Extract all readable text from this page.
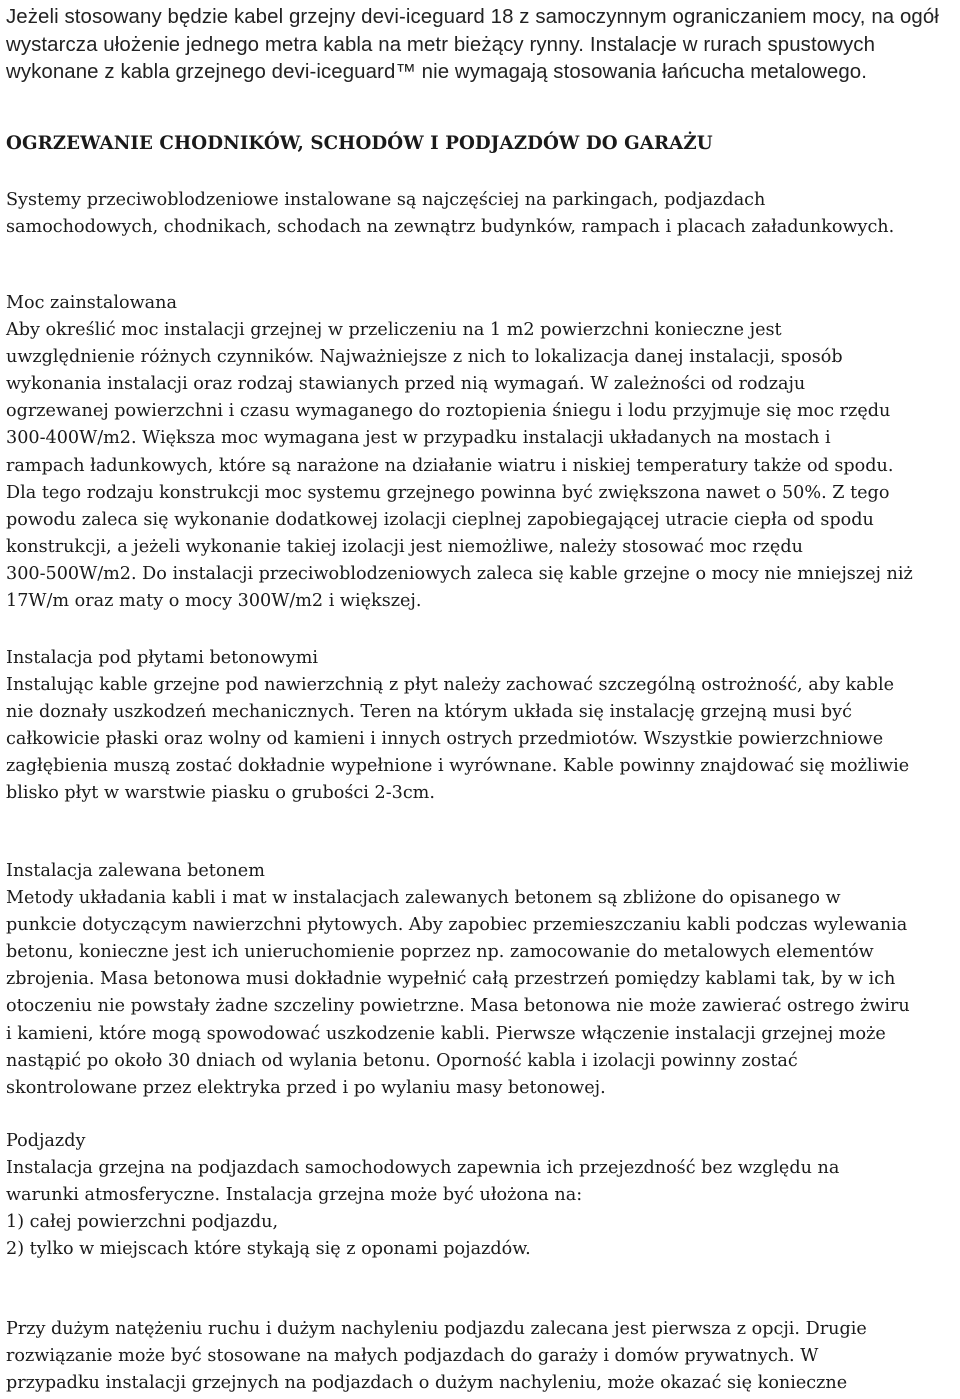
Jeżeli stosowany będzie kabel grzejny devi-iceguard 18 z samoczynnym ograniczaniem mocy, na ogół
wystarcza ułożenie jednego metra kabla na metr bieżący rynny. Instalacje w rurach spustowych
wykonane z kabla grzejnego devi-iceguard™ nie wymagają stosowania łańcucha metalowego.

OGRZEWANIE CHODNIKÓW, SCHODÓW I PODJAZDÓW DO GARAŻU

Systemy przeciwoblodzeniowe instalowane są najczęściej na parkingach, podjazdach
samochodowych, chodnikach, schodach na zewnątrz budynków, rampach i placach załadunkowych.

Moc zainstalowana
Aby określić moc instalacji grzejnej w przeliczeniu na 1 m2 powierzchni konieczne jest
uwzględnienie różnych czynników. Najważniejsze z nich to lokalizacja danej instalacji, sposób
wykonania instalacji oraz rodzaj stawianych przed nią wymagań. W zależności od rodzaju
ogrzewanej powierzchni i czasu wymaganego do roztopienia śniegu i lodu przyjmuje się moc rzędu
300-400W/m2. Większa moc wymagana jest w przypadku instalacji układanych na mostach i
rampach ładunkowych, które są narażone na działanie wiatru i niskiej temperatury także od spodu.
Dla tego rodzaju konstrukcji moc systemu grzejnego powinna być zwiększona nawet o 50%. Z tego
powodu zaleca się wykonanie dodatkowej izolacji cieplnej zapobiegającej utracie ciepła od spodu
konstrukcji, a jeżeli wykonanie takiej izolacji jest niemożliwe, należy stosować moc rzędu
300-500W/m2. Do instalacji przeciwoblodzeniowych zaleca się kable grzejne o mocy nie mniejszej niż
17W/m oraz maty o mocy 300W/m2 i większej.
Instalacja pod płytami betonowymi
Instalując kable grzejne pod nawierzchnią z płyt należy zachować szczególną ostrożność, aby kable
nie doznały uszkodzeń mechanicznych. Teren na którym układa się instalację grzejną musi być
całkowicie płaski oraz wolny od kamieni i innych ostrych przedmiotów. Wszystkie powierzchniowe
zagłębienia muszą zostać dokładnie wypełnione i wyrównane. Kable powinny znajdować się możliwie
blisko płyt w warstwie piasku o grubości 2-3cm.
Instalacja zalewana betonem
Metody układania kabli i mat w instalacjach zalewanych betonem są zbliżone do opisanego w
punkcie dotyczącym nawierzchni płytowych. Aby zapobiec przemieszczaniu kabli podczas wylewania
betonu, konieczne jest ich unieruchomienie poprzez np. zamocowanie do metalowych elementów
zbrojenia. Masa betonowa musi dokładnie wypełnić całą przestrzeń pomiędzy kablami tak, by w ich
otoczeniu nie powstały żadne szczeliny powietrzne. Masa betonowa nie może zawierać ostrego żwiru
i kamieni, które mogą spowodować uszkodzenie kabli. Pierwsze włączenie instalacji grzejnej może
nastąpić po około 30 dniach od wylania betonu. Oporność kabla i izolacji powinny zostać
skontrolowane przez elektryka przed i po wylaniu masy betonowej.
Podjazdy
Instalacja grzejna na podjazdach samochodowych zapewnia ich przejezdność bez względu na
warunki atmosferyczne. Instalacja grzejna może być ułożona na:
1) całej powierzchni podjazdu,
2) tylko w miejscach które stykają się z oponami pojazdów.
Przy dużym natężeniu ruchu i dużym nachyleniu podjazdu zalecana jest pierwsza z opcji. Drugie
rozwiązanie może być stosowane na małych podjazdach do garaży i domów prywatnych. W
przypadku instalacji grzejnych na podjazdach o dużym nachyleniu, może okazać się konieczne
